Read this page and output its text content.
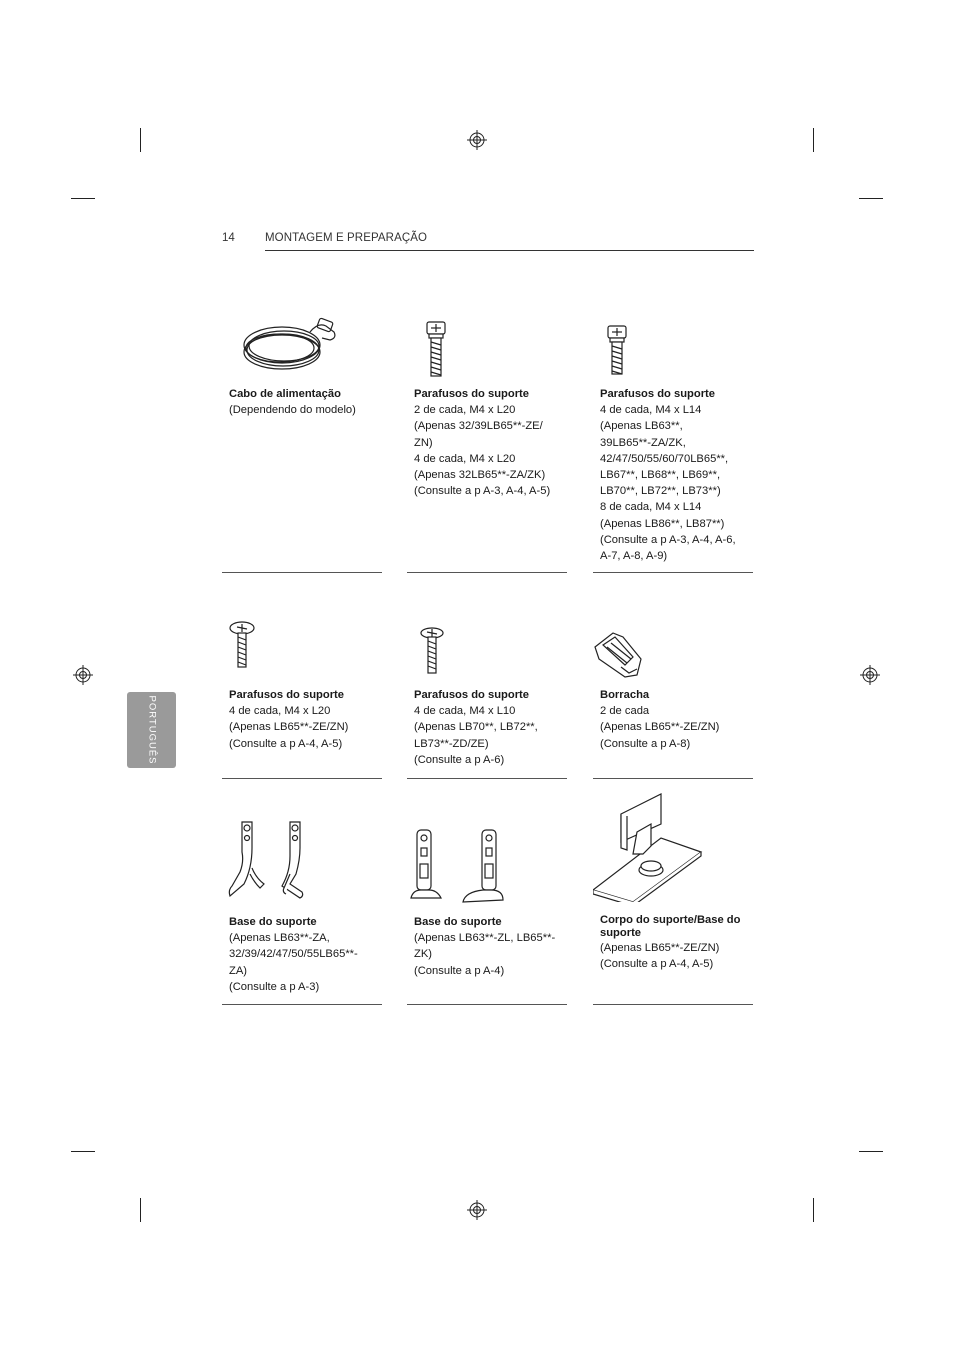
14	MONTAGEM E PREPARAÇÃO
PORTUGUÊS
Cabo de alimentação
(Dependendo do modelo)
Parafusos do suporte
2 de cada, M4 x L20
(Apenas 32/39LB65**-ZE/
ZN)
4 de cada, M4 x L20
(Apenas 32LB65**-ZA/ZK)
(Consulte a p A-3, A-4, A-5)
Parafusos do suporte
4 de cada, M4 x L14
(Apenas LB63**,
39LB65**-ZA/ZK,
42/47/50/55/60/70LB65**,
LB67**, LB68**, LB69**,
LB70**, LB72**, LB73**)
8 de cada, M4 x L14
(Apenas LB86**, LB87**)
(Consulte a p A-3, A-4, A-6,
A-7, A-8, A-9)
Parafusos do suporte
4 de cada, M4 x L20
(Apenas LB65**-ZE/ZN)
(Consulte a p A-4, A-5)
Parafusos do suporte
4 de cada, M4 x L10
(Apenas LB70**, LB72**,
LB73**-ZD/ZE)
(Consulte a p A-6)
Borracha
2 de cada
(Apenas LB65**-ZE/ZN)
(Consulte a p A-8)
Base do suporte
(Apenas LB63**-ZA,
32/39/42/47/50/55LB65**-
ZA)
(Consulte a p A-3)
Base do suporte
(Apenas LB63**-ZL, LB65**-
ZK)
(Consulte a p A-4)
Corpo do suporte/Base do suporte
(Apenas LB65**-ZE/ZN)
(Consulte a p A-4, A-5)
